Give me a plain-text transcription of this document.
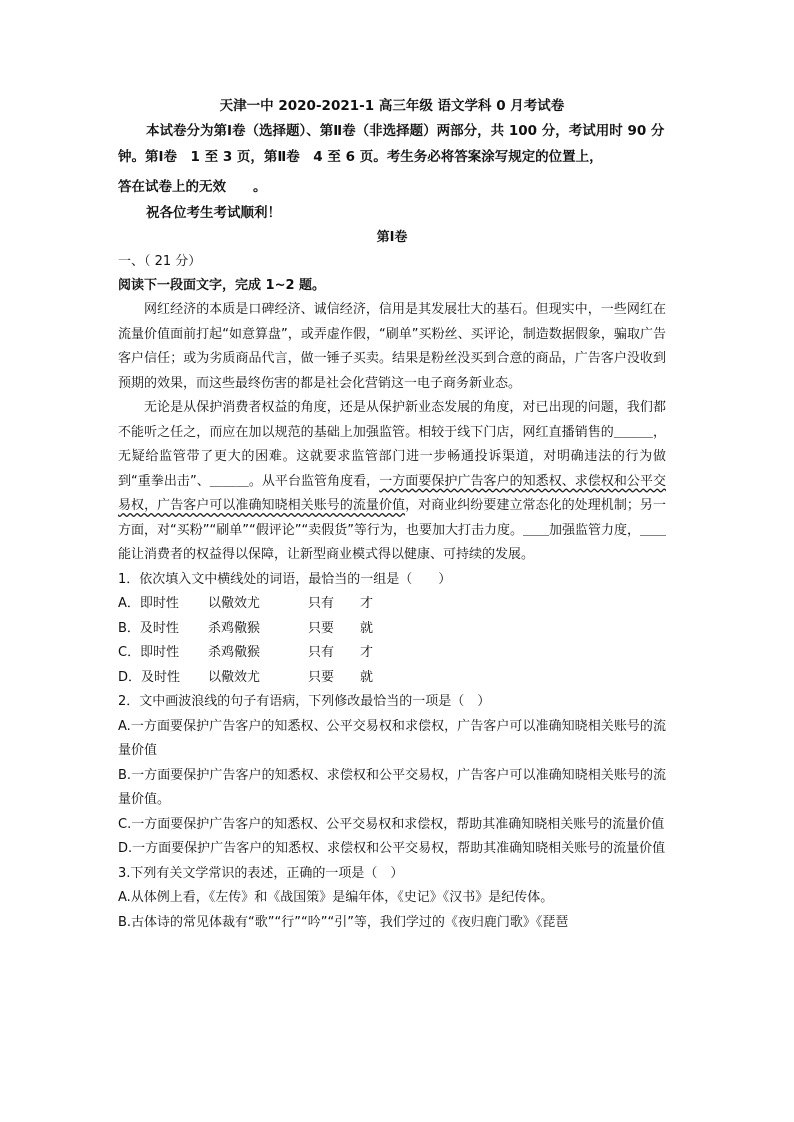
天津一中 2020-2021-1 高三年级 语文学科 0 月考试卷

本试卷分为第Ⅰ卷（选择题）、第Ⅱ卷（非选择题）两部分，共 100 分，考试用时 90 分钟。第Ⅰ卷　1 至 3 页，第Ⅱ卷　4 至 6 页。考生务必将答案涂写规定的位置上，

答在试卷上的无效　　。

祝各位考生考试顺利！

第Ⅰ卷

一、（ 21 分）

阅读下一段面文字，完成 1~2 题。

网红经济的本质是口碑经济、诚信经济，信用是其发展壮大的基石。但现实中，一些网红在流量价值面前打起“如意算盘”，或弄虚作假，“刷单”买粉丝、买评论，制造数据假象，骗取广告客户信任；或为劣质商品代言，做一锤子买卖。结果是粉丝没买到合意的商品，广告客户没收到预期的效果，而这些最终伤害的都是社会化营销这一电子商务新业态。

无论是从保护消费者权益的角度，还是从保护新业态发展的角度，对已出现的问题，我们都不能听之任之，而应在加以规范的基础上加强监管。相较于线下门店，网红直播销售的＿＿＿，无疑给监管带了更大的困难。这就要求监管部门进一步畅通投诉渠道，对明确违法的行为做到“重拳出击”、＿＿＿。从平台监管角度看，一方面要保护广告客户的知悉权、求偿权和公平交易权，广告客户可以准确知晓相关账号的流量价值，对商业纠纷要建立常态化的处理机制；另一方面，对“买粉”“刷单”“假评论”“卖假货”等行为，也要加大打击力度。＿＿加强监管力度，＿＿能让消费者的权益得以保障，让新型商业模式得以健康、可持续的发展。

1．依次填入文中横线处的词语，最恰当的一组是（　　）

A．即时性 以儆效尤	只有 才

B．及时性 杀鸡儆猴	只要 就

C．即时性 杀鸡儆猴	只有 才

D．及时性 以儆效尤	只要 就

2．文中画波浪线的句子有语病，下列修改最恰当的一项是（　）

A.一方面要保护广告客户的知悉权、公平交易权和求偿权，广告客户可以准确知晓相关账号的流量价值

B.一方面要保护广告客户的知悉权、求偿权和公平交易权，广告客户可以准确知晓相关账号的流量价值。

C.一方面要保护广告客户的知悉权、公平交易权和求偿权，帮助其准确知晓相关账号的流量价值

D.一方面要保护广告客户的知悉权、求偿权和公平交易权，帮助其准确知晓相关账号的流量价值

3.下列有关文学常识的表述，正确的一项是（　）

A.从体例上看，《左传》和《战国策》是编年体，《史记》《汉书》是纪传体。

B.古体诗的常见体裁有“歌”“行”“吟”“引”等，我们学过的《夜归鹿门歌》《琵琶
